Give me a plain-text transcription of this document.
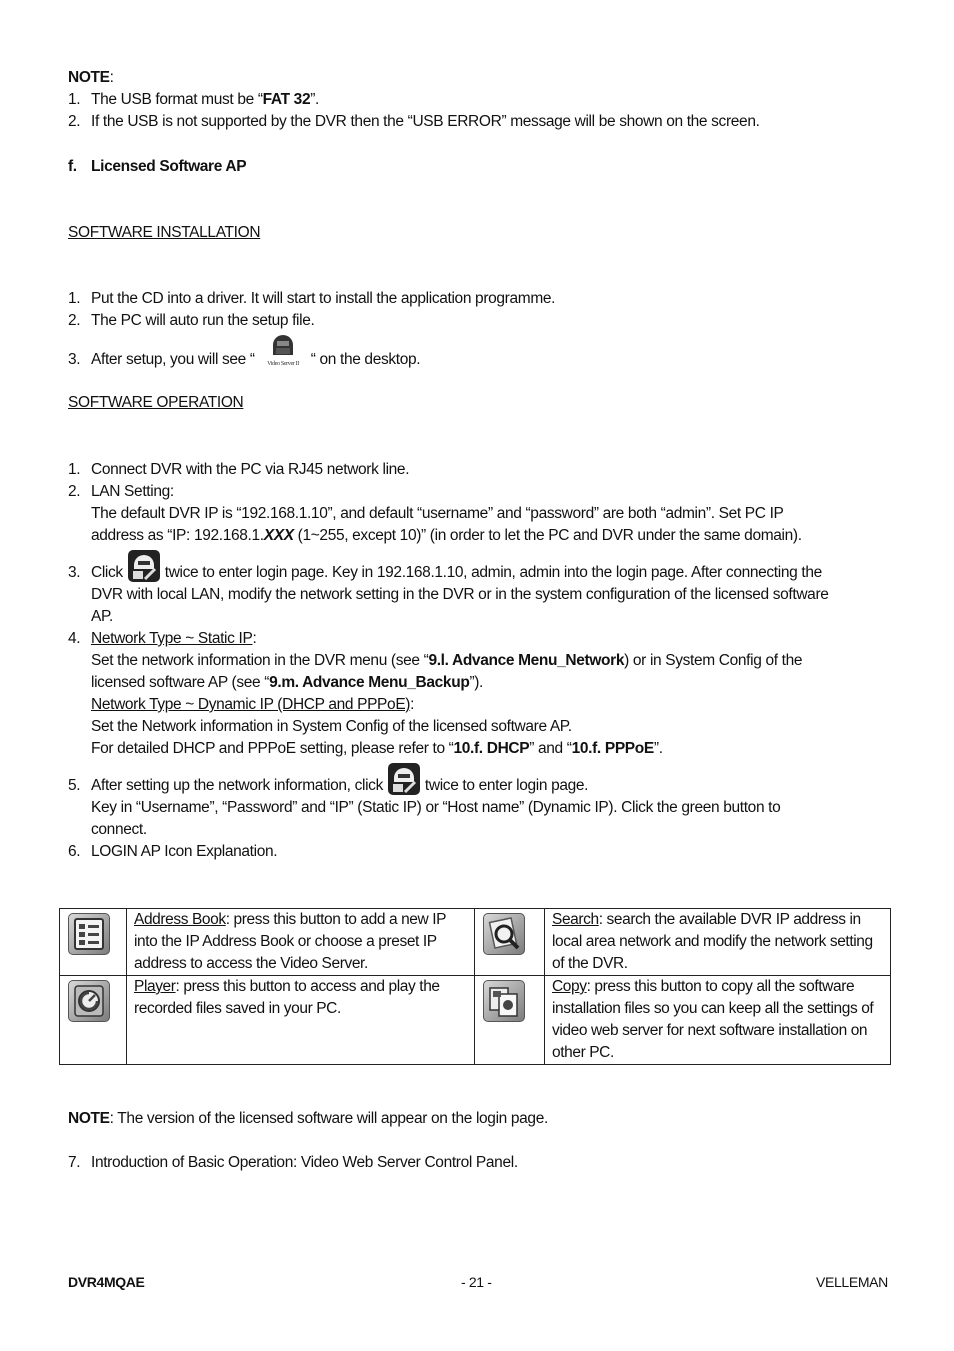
NOTE:
1. The USB format must be “FAT 32”.
2. If the USB is not supported by the DVR then the “USB ERROR” message will be shown on the screen.
f. Licensed Software AP
SOFTWARE INSTALLATION
1. Put the CD into a driver. It will start to install the application programme.
2. The PC will auto run the setup file.
3. After setup, you will see “ Video Server II “ on the desktop.
SOFTWARE OPERATION
1. Connect DVR with the PC via RJ45 network line.
2. LAN Setting:
The default DVR IP is “192.168.1.10”, and default “username” and “password” are both “admin”. Set PC IP
address as “IP: 192.168.1.XXX (1~255, except 10)” (in order to let the PC and DVR under the same domain).
3. Click
twice to enter login page. Key in 192.168.1.10, admin, admin into the login page. After connecting the
DVR with local LAN, modify the network setting in the DVR or in the system configuration of the licensed software
AP.
4. Network Type ~ Static IP:
Set the network information in the DVR menu (see “9.l. Advance Menu_Network) or in System Config of the
licensed software AP (see “9.m. Advance Menu_Backup”).
Network Type ~ Dynamic IP (DHCP and PPPoE):
Set the Network information in System Config of the licensed software AP.
For detailed DHCP and PPPoE setting, please refer to “10.f. DHCP” and “10.f. PPPoE”.
5. After setting up the network information, click
twice to enter login page.
Key in “Username”, “Password” and “IP” (Static IP) or “Host name” (Dynamic IP). Click the green button to
connect.
6. LOGIN AP Icon Explanation.

Address Book: press this button to add a new IP into the IP Address Book or choose a preset IP address to access the Video Server.		Search: search the available DVR IP address in local area network and modify the network setting of the DVR.

Player: press this button to access and play the recorded files saved in your PC.		Copy: press this button to copy all the software installation files so you can keep all the settings of video web server for next software installation on other PC.
NOTE: The version of the licensed software will appear on the login page.
7. Introduction of Basic Operation: Video Web Server Control Panel.
DVR4MQAE	- 21 -	VELLEMAN
